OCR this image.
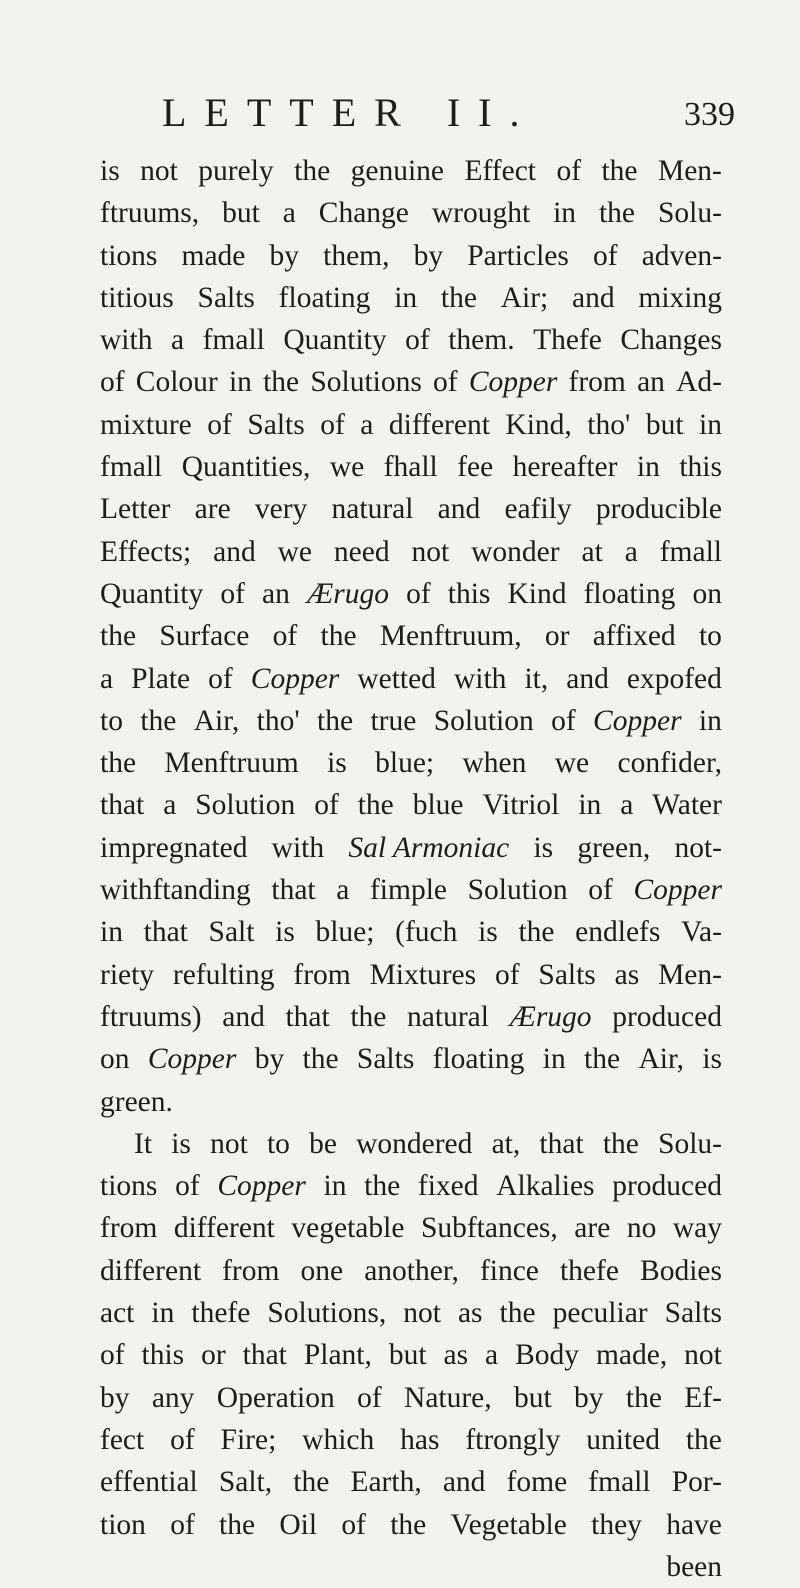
LETTER II.	339
is not purely the genuine Effect of the Men-
ftruums, but a Change wrought in the Solu-
tions made by them, by Particles of adven-
titious Salts floating in the Air; and mixing
with a fmall Quantity of them. Thefe Changes
of Colour in the Solutions of Copper from an Ad-
mixture of Salts of a different Kind, tho' but in
fmall Quantities, we fhall fee hereafter in this
Letter are very natural and eafily producible
Effects; and we need not wonder at a fmall
Quantity of an Ærugo of this Kind floating on
the Surface of the Menftruum, or affixed to
a Plate of Copper wetted with it, and expofed
to the Air, tho' the true Solution of Copper in
the Menftruum is blue; when we confider,
that a Solution of the blue Vitriol in a Water
impregnated with Sal Armoniac is green, not-
withftanding that a fimple Solution of Copper
in that Salt is blue; (fuch is the endlefs Va-
riety refulting from Mixtures of Salts as Men-
ftruums) and that the natural Ærugo produced
on Copper by the Salts floating in the Air, is
green.
It is not to be wondered at, that the Solu-
tions of Copper in the fixed Alkalies produced
from different vegetable Subftances, are no way
different from one another, fince thefe Bodies
act in thefe Solutions, not as the peculiar Salts
of this or that Plant, but as a Body made, not
by any Operation of Nature, but by the Ef-
fect of Fire; which has ftrongly united the
effential Salt, the Earth, and fome fmall Por-
tion of the Oil of the Vegetable they have
been
